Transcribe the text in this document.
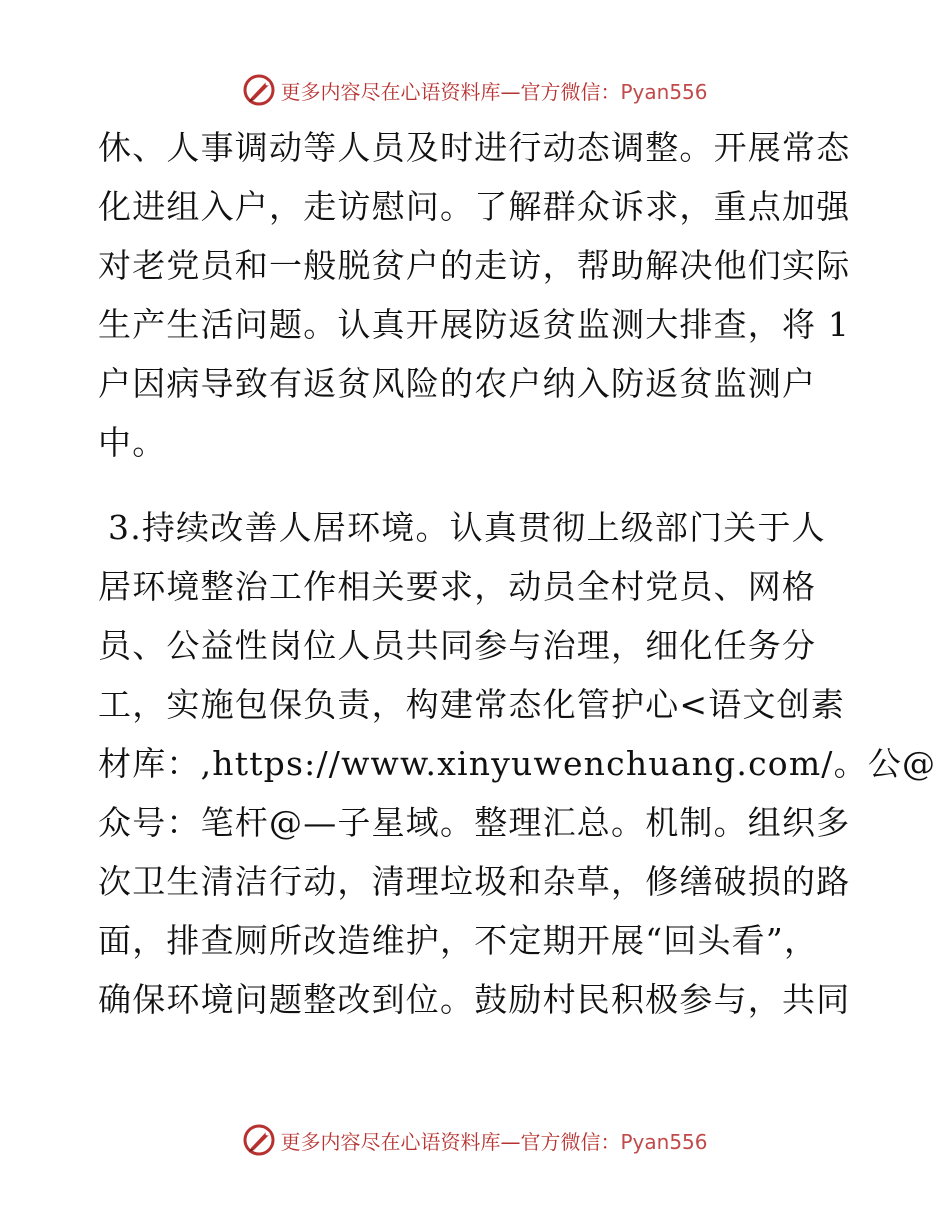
更多内容尽在心语资料库—官方微信：Pyan556
休、人事调动等人员及时进行动态调整。开展常态
化进组入户，走访慰问。了解群众诉求，重点加强
对老党员和一般脱贫户的走访，帮助解决他们实际
生产生活问题。认真开展防返贫监测大排查，将 1
户因病导致有返贫风险的农户纳入防返贫监测户
中。
3.持续改善人居环境。认真贯彻上级部门关于人
居环境整治工作相关要求，动员全村党员、网格
员、公益性岗位人员共同参与治理，细化任务分
工，实施包保负责，构建常态化管护心<语文创素
材库：,https://www.xinyuwenchuang.com/。公@
众号：笔杆@—子星域。整理汇总。机制。组织多
次卫生清洁行动，清理垃圾和杂草，修缮破损的路
面，排查厕所改造维护，不定期开展“回头看”，
确保环境问题整改到位。鼓励村民积极参与，共同
更多内容尽在心语资料库—官方微信：Pyan556
